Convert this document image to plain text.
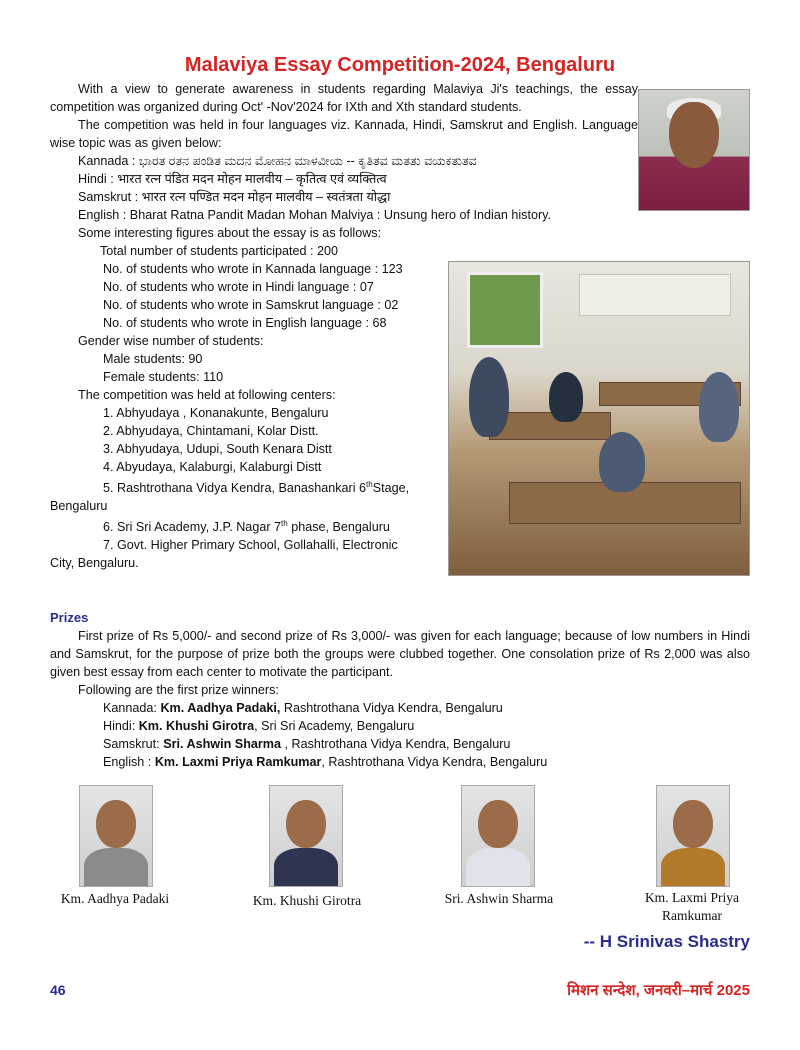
Malaviya Essay Competition-2024, Bengaluru

With a view to generate awareness in students regarding Malaviya Ji's teachings, the essay competition was organized during Oct' -Nov'2024 for IXth and Xth standard students.

The competition was held in four languages viz. Kannada, Hindi, Samskrut and English. Language wise topic was as given below:

Kannada : ಭಾರತ ರತನ ಪಂಡಿತ ಮದನ ಮೋಹನ ಮಾಳವೀಯ -- ಕೃತಿತವ ಮತತು ವಯಕತುತವ

Hindi : भारत रत्न पंडित मदन मोहन मालवीय – कृतित्व एवं व्यक्तित्व

Samskrut : भारत रत्न पण्डित मदन मोहन मालवीय – स्वतंत्रता योद्धा

English : Bharat Ratna Pandit Madan Mohan Malviya : Unsung hero of Indian history.

Some interesting figures about the essay is as follows:

Total number of students participated : 200

No. of students who wrote in Kannada language : 123

No. of students who wrote in Hindi language : 07

No. of students who wrote in Samskrut language : 02

No. of students who wrote in English language : 68

Gender wise number of students:

Male students: 90

Female students: 110

The competition was held at following centers:

1. Abhyudaya , Konanakunte, Bengaluru

2. Abhyudaya, Chintamani, Kolar Distt.

3. Abhyudaya, Udupi, South Kenara Distt

4. Abyudaya, Kalaburgi, Kalaburgi Distt

5. Rashtrothana Vidya Kendra, Banashankari 6thStage,

Bengaluru

6. Sri Sri Academy, J.P. Nagar 7th phase, Bengaluru

7. Govt. Higher Primary School, Gollahalli, Electronic

City, Bengaluru.

Prizes

First prize of Rs 5,000/- and second prize of Rs 3,000/- was given for each language; because of low numbers in Hindi and Samskrut, for the purpose of prize both the groups were clubbed together. One consolation prize of Rs 2,000 was also given best essay from each center to motivate the participant.

Following are the first prize winners:

Kannada: Km. Aadhya Padaki, Rashtrothana Vidya Kendra, Bengaluru

Hindi: Km. Khushi Girotra, Sri Sri Academy, Bengaluru

Samskrut: Sri. Ashwin Sharma , Rashtrothana Vidya Kendra, Bengaluru

English : Km. Laxmi Priya Ramkumar, Rashtrothana Vidya Kendra, Bengaluru

Km. Aadhya Padaki	Km. Khushi Girotra	Sri. Ashwin Sharma	Km. Laxmi Priya
Ramkumar
-- H Srinivas Shastry
46	मिशन सन्देश, जनवरी–मार्च 2025
